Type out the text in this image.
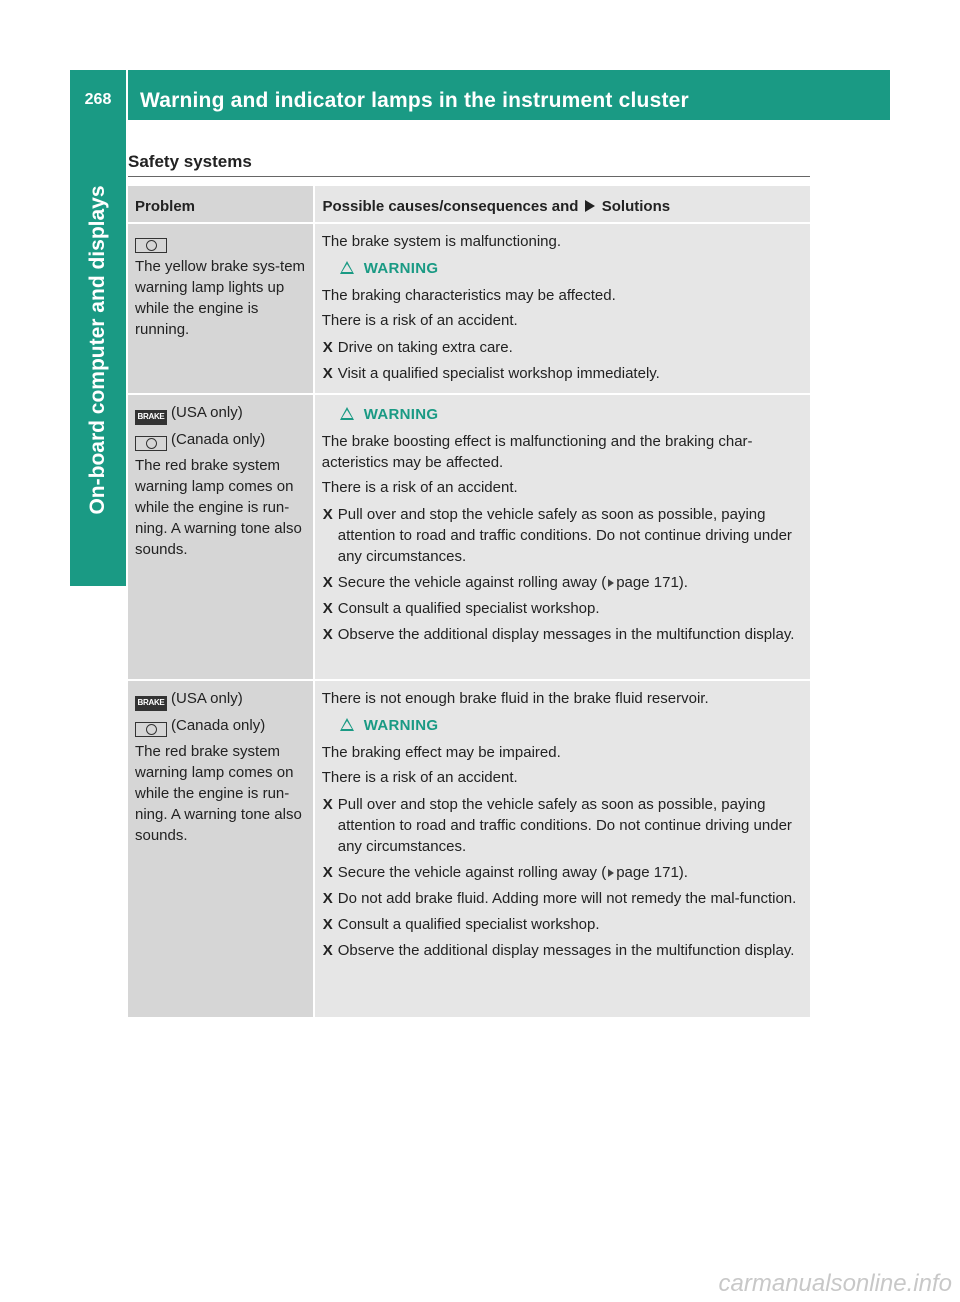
268	Warning and indicator lamps in the instrument cluster
On-board computer and displays
Safety systems
Problem	Possible causes/consequences and Solutions
The yellow brake sys-tem warning lamp lights up while the engine is running.
The brake system is malfunctioning.
WARNING
The braking characteristics may be affected.
There is a risk of an accident.
X Drive on taking extra care.
X Visit a qualified specialist workshop immediately.
BRAKE (USA only)
(Canada only)
The red brake system warning lamp comes on while the engine is run-ning. A warning tone also sounds.
WARNING
The brake boosting effect is malfunctioning and the braking char-acteristics may be affected.
There is a risk of an accident.
X Pull over and stop the vehicle safely as soon as possible, paying attention to road and traffic conditions. Do not continue driving under any circumstances.
X Secure the vehicle against rolling away ( page 171).
X Consult a qualified specialist workshop.
X Observe the additional display messages in the multifunction display.
BRAKE (USA only)
(Canada only)
The red brake system warning lamp comes on while the engine is run-ning. A warning tone also sounds.
There is not enough brake fluid in the brake fluid reservoir.
WARNING
The braking effect may be impaired.
There is a risk of an accident.
X Pull over and stop the vehicle safely as soon as possible, paying attention to road and traffic conditions. Do not continue driving under any circumstances.
X Secure the vehicle against rolling away ( page 171).
X Do not add brake fluid. Adding more will not remedy the mal-function.
X Consult a qualified specialist workshop.
X Observe the additional display messages in the multifunction display.
carmanualsonline.info
